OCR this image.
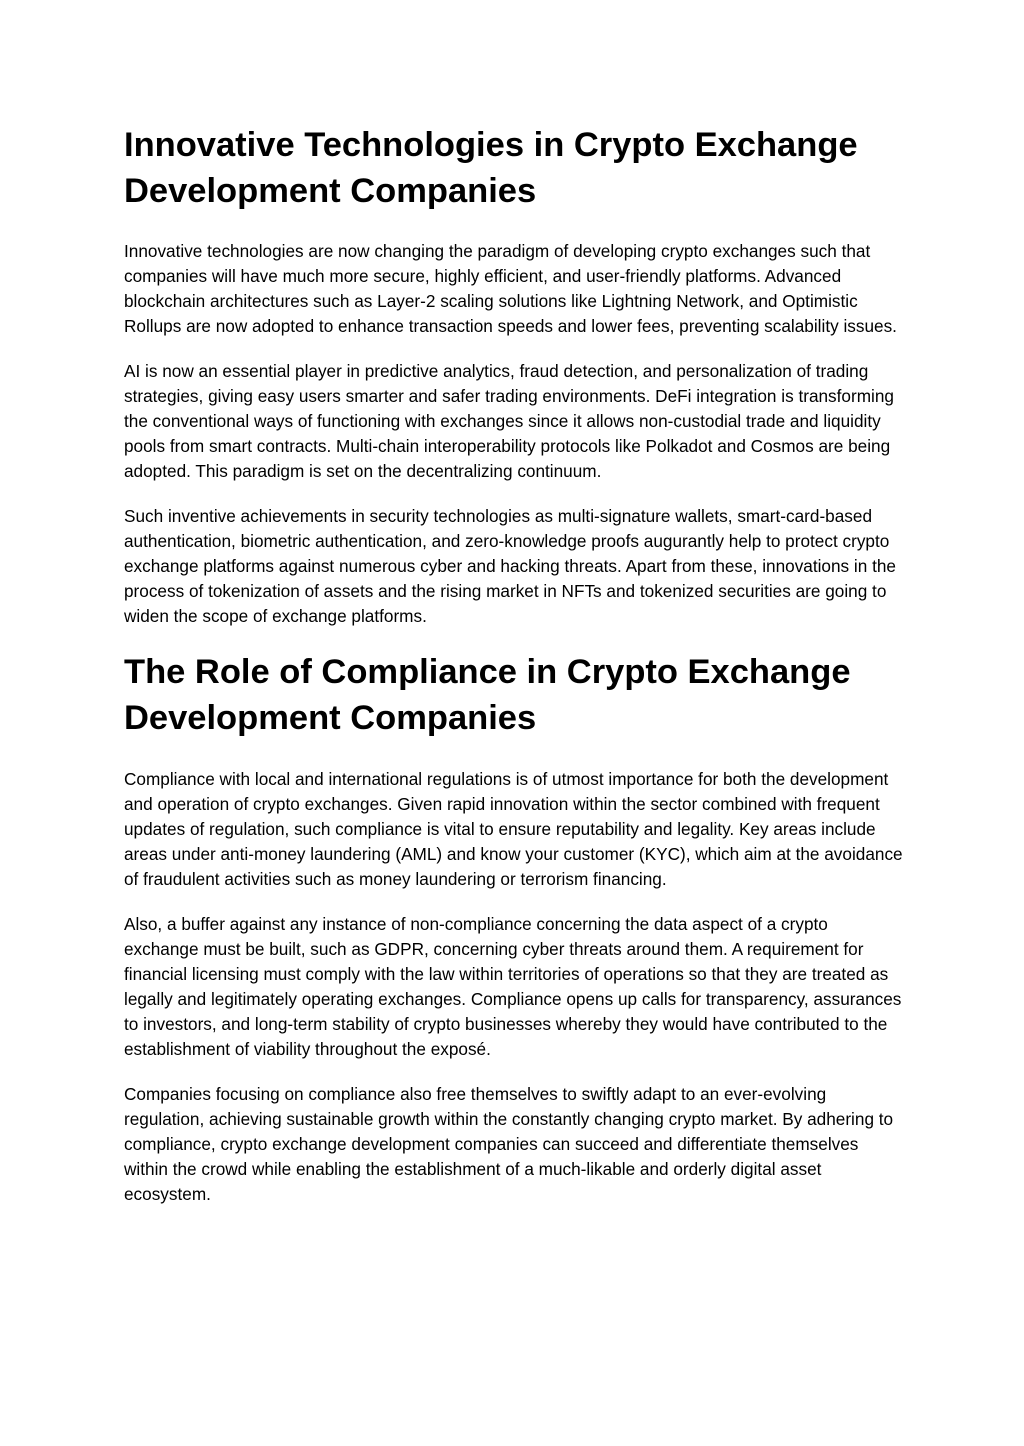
Innovative Technologies in Crypto Exchange Development Companies

Innovative technologies are now changing the paradigm of developing crypto exchanges such that companies will have much more secure, highly efficient, and user-friendly platforms. Advanced blockchain architectures such as Layer-2 scaling solutions like Lightning Network, and Optimistic Rollups are now adopted to enhance transaction speeds and lower fees, preventing scalability issues.

AI is now an essential player in predictive analytics, fraud detection, and personalization of trading strategies, giving easy users smarter and safer trading environments. DeFi integration is transforming the conventional ways of functioning with exchanges since it allows non-custodial trade and liquidity pools from smart contracts. Multi-chain interoperability protocols like Polkadot and Cosmos are being adopted. This paradigm is set on the decentralizing continuum.

Such inventive achievements in security technologies as multi-signature wallets, smart-card-based authentication, biometric authentication, and zero-knowledge proofs augurantly help to protect crypto exchange platforms against numerous cyber and hacking threats. Apart from these, innovations in the process of tokenization of assets and the rising market in NFTs and tokenized securities are going to widen the scope of exchange platforms.

The Role of Compliance in Crypto Exchange Development Companies

Compliance with local and international regulations is of utmost importance for both the development and operation of crypto exchanges. Given rapid innovation within the sector combined with frequent updates of regulation, such compliance is vital to ensure reputability and legality. Key areas include areas under anti-money laundering (AML) and know your customer (KYC), which aim at the avoidance of fraudulent activities such as money laundering or terrorism financing.

Also, a buffer against any instance of non-compliance concerning the data aspect of a crypto exchange must be built, such as GDPR, concerning cyber threats around them. A requirement for financial licensing must comply with the law within territories of operations so that they are treated as legally and legitimately operating exchanges. Compliance opens up calls for transparency, assurances to investors, and long-term stability of crypto businesses whereby they would have contributed to the establishment of viability throughout the exposé.

Companies focusing on compliance also free themselves to swiftly adapt to an ever-evolving regulation, achieving sustainable growth within the constantly changing crypto market. By adhering to compliance, crypto exchange development companies can succeed and differentiate themselves within the crowd while enabling the establishment of a much-likable and orderly digital asset ecosystem.
